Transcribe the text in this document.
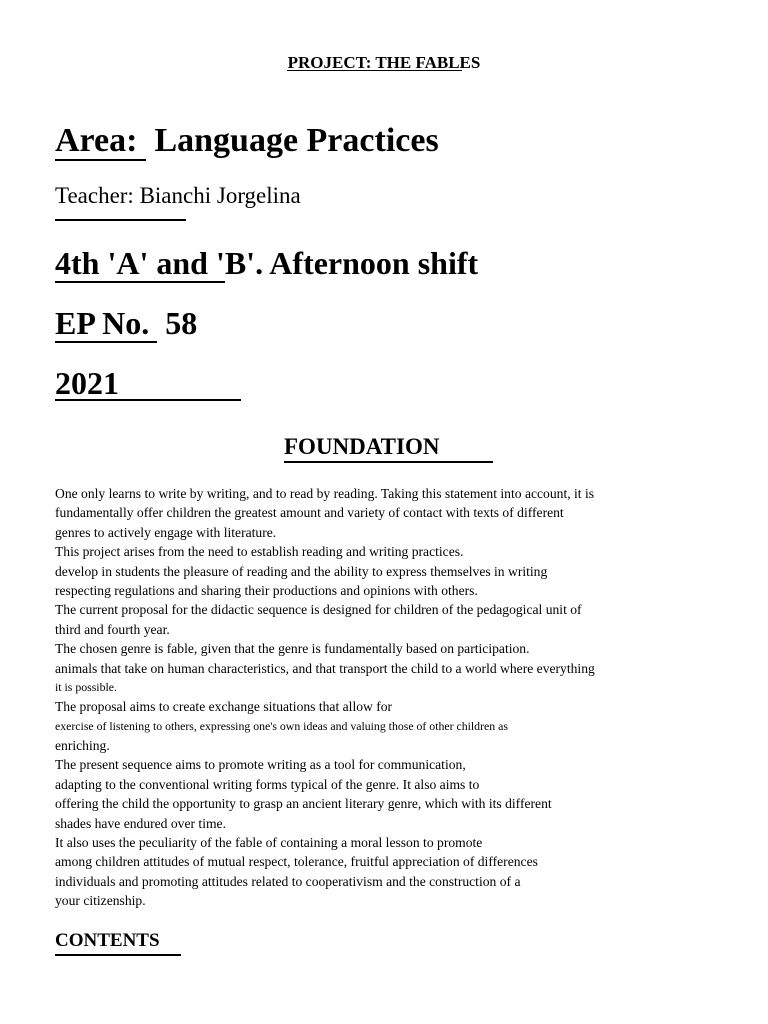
PROJECT: THE FABLES
Area: Language Practices
Teacher: Bianchi Jorgelina
4th 'A' and 'B'. Afternoon shift
EP No. 58
2021
FOUNDATION
One only learns to write by writing, and to read by reading. Taking this statement into account, it is
fundamentally offer children the greatest amount and variety of contact with texts of different
genres to actively engage with literature.
This project arises from the need to establish reading and writing practices.
develop in students the pleasure of reading and the ability to express themselves in writing
respecting regulations and sharing their productions and opinions with others.
The current proposal for the didactic sequence is designed for children of the pedagogical unit of
third and fourth year.
The chosen genre is fable, given that the genre is fundamentally based on participation.
animals that take on human characteristics, and that transport the child to a world where everything
it is possible.
The proposal aims to create exchange situations that allow for
exercise of listening to others, expressing one's own ideas and valuing those of other children as
enriching.
The present sequence aims to promote writing as a tool for communication,
adapting to the conventional writing forms typical of the genre. It also aims to
offering the child the opportunity to grasp an ancient literary genre, which with its different
shades have endured over time.
It also uses the peculiarity of the fable of containing a moral lesson to promote
among children attitudes of mutual respect, tolerance, fruitful appreciation of differences
individuals and promoting attitudes related to cooperativism and the construction of a
your citizenship.
CONTENTS
